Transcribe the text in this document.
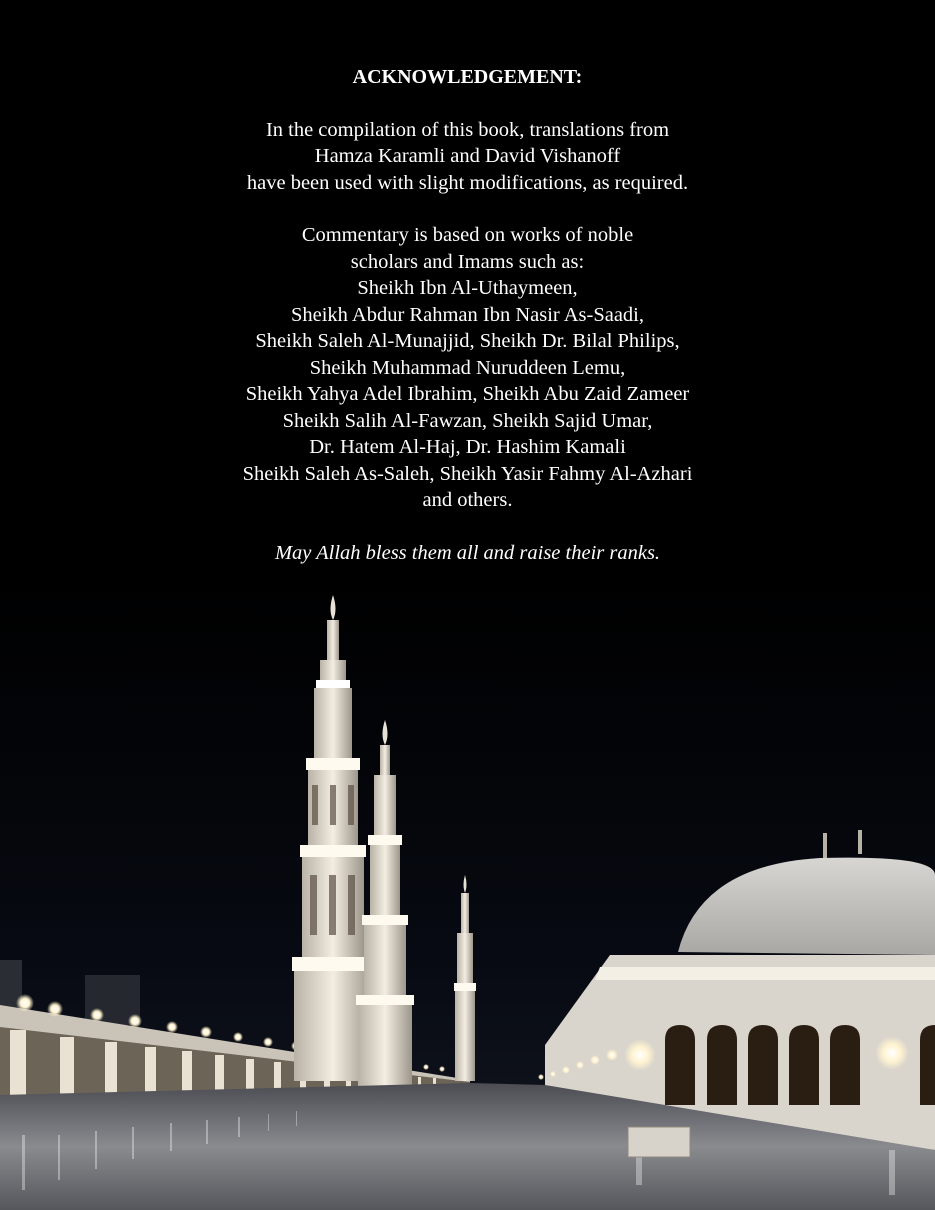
ACKNOWLEDGEMENT:
In the compilation of this book, translations from
Hamza Karamli and David Vishanoff
have been used with slight modifications, as required.
Commentary is based on works of noble
scholars and Imams such as:
Sheikh Ibn Al-Uthaymeen,
Sheikh Abdur Rahman Ibn Nasir As-Saadi,
Sheikh Saleh Al-Munajjid, Sheikh Dr. Bilal Philips,
Sheikh Muhammad Nuruddeen Lemu,
Sheikh Yahya Adel Ibrahim, Sheikh Abu Zaid Zameer
Sheikh Salih Al-Fawzan, Sheikh Sajid Umar,
Dr. Hatem Al-Haj, Dr. Hashim Kamali
Sheikh Saleh As-Saleh, Sheikh Yasir Fahmy Al-Azhari
and others.
May Allah bless them all and raise their ranks.
